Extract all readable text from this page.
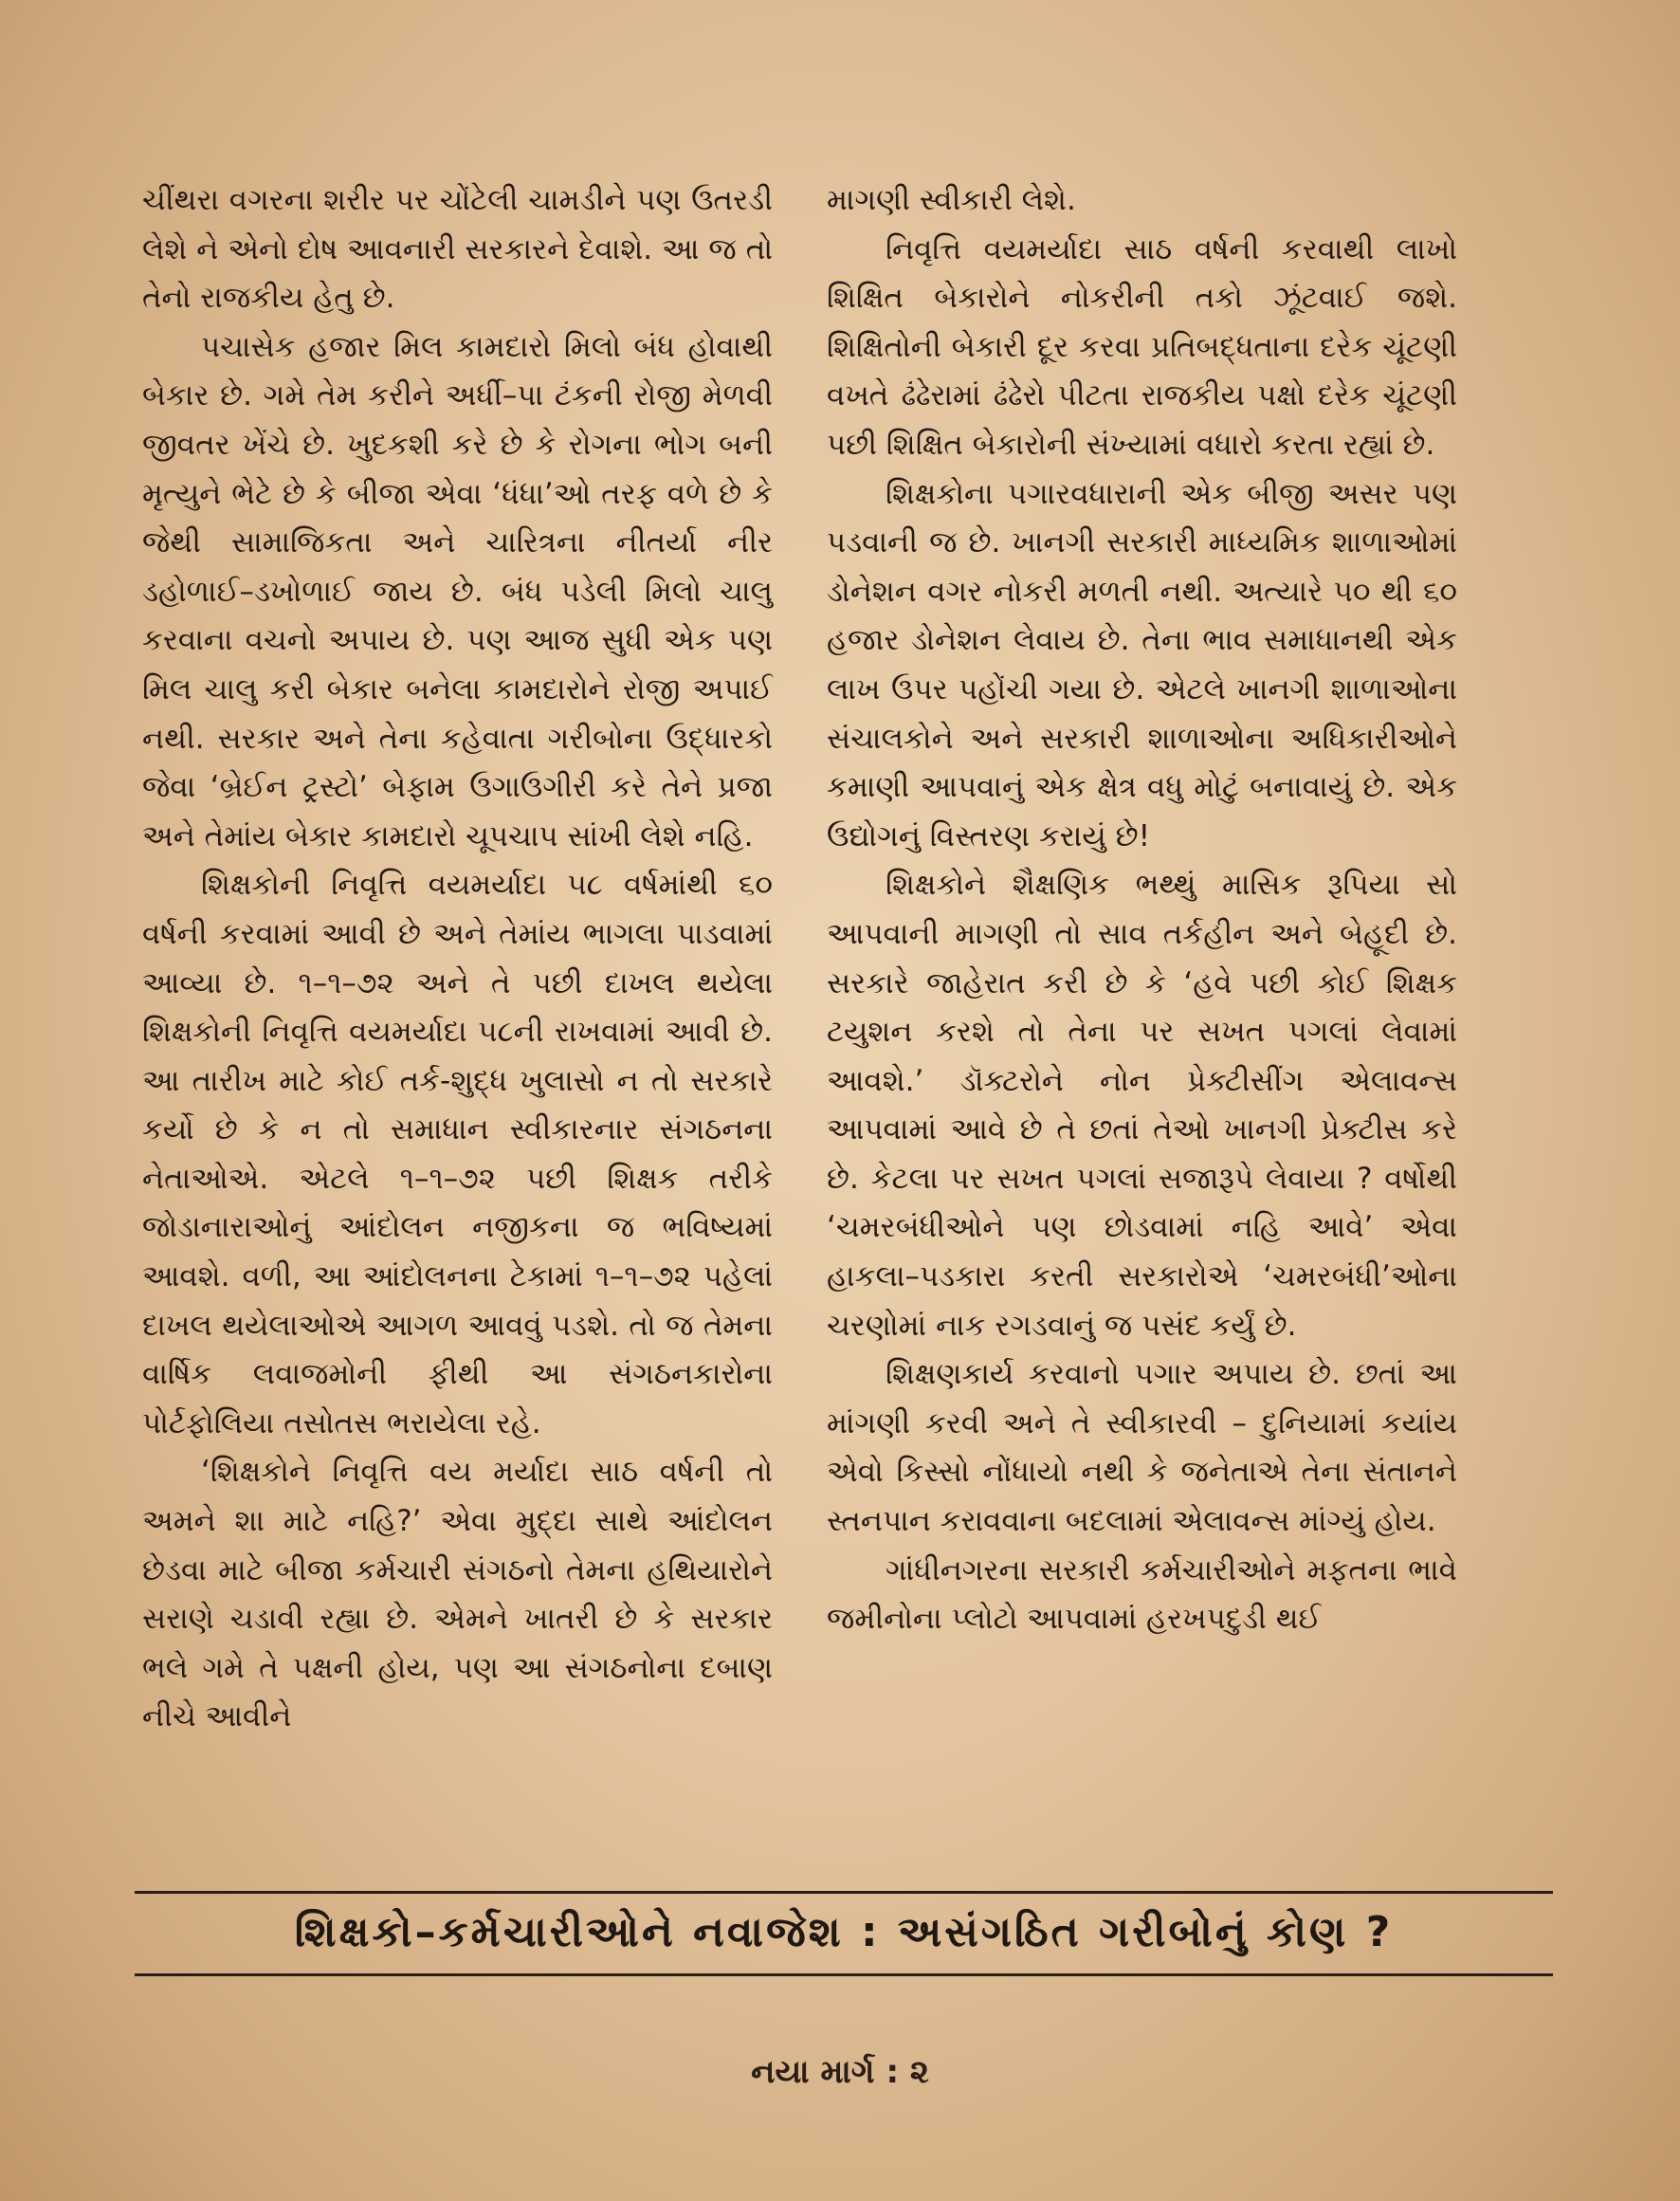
ચીંથરા વગરના શરીર પર ચોંટેલી ચામડીને પણ ઉતરડી લેશે ને એનો દોષ આવનારી સરકારને દેવાશે. આ જ તો તેનો રાજકીય હેતુ છે.

પચાસેક હજાર મિલ કામદારો મિલો બંધ હોવાથી બેકાર છે. ગમે તેમ કરીને અર્ધી–પા ટંકની રોજી મેળવી જીવતર ખેંચે છે. ખુદકશી કરે છે કે રોગના ભોગ બની મૃત્યુને ભેટે છે કે બીજા એવા ‘ધંધા’ઓ તરફ વળે છે કે જેથી સામાજિકતા અને ચારિત્રના નીતર્યા નીર ડહોળાઈ–ડખોળાઈ જાય છે. બંધ પડેલી મિલો ચાલુ કરવાના વચનો અપાય છે. પણ આજ સુધી એક પણ મિલ ચાલુ કરી બેકાર બનેલા કામદારોને રોજી અપાઈ નથી. સરકાર અને તેના કહેવાતા ગરીબોના ઉદ્ધારકો જેવા ‘બ્રેઈન ટ્રસ્ટો’ બેફામ ઉગાઉગીરી કરે તેને પ્રજા અને તેમાંય બેકાર કામદારો ચૂપચાપ સાંખી લેશે નહિ.

શિક્ષકોની નિવૃત્તિ વયમર્યાદા ૫૮ વર્ષમાંથી ૬૦ વર્ષની કરવામાં આવી છે અને તેમાંય ભાગલા પાડવામાં આવ્યા છે. ૧–૧–૭૨ અને તે પછી દાખલ થયેલા શિક્ષકોની નિવૃત્તિ વયમર્યાદા ૫૮ની રાખવામાં આવી છે. આ તારીખ માટે કોઈ તર્ક-શુદ્ધ ખુલાસો ન તો સરકારે કર્યો છે કે ન તો સમાધાન સ્વીકારનાર સંગઠનના નેતાઓએ. એટલે ૧–૧–૭૨ પછી શિક્ષક તરીકે જોડાનારાઓનું આંદોલન નજીકના જ ભવિષ્યમાં આવશે. વળી, આ આંદોલનના ટેકામાં ૧–૧–૭૨ પહેલાં દાખલ થયેલાઓએ આગળ આવવું પડશે. તો જ તેમના વાર્ષિક લવાજમોની ફીથી આ સંગઠનકારોના પોર્ટફોલિયા તસોતસ ભરાયેલા રહે.

‘શિક્ષકોને નિવૃત્તિ વય મર્યાદા સાઠ વર્ષની તો અમને શા માટે નહિ?’ એવા મુદ્દા સાથે આંદોલન છેડવા માટે બીજા કર્મચારી સંગઠનો તેમના હથિયારોને સરાણે ચડાવી રહ્યા છે. એમને ખાતરી છે કે સરકાર ભલે ગમે તે પક્ષની હોય, પણ આ સંગઠનોના દબાણ નીચે આવીને

માગણી સ્વીકારી લેશે.

નિવૃત્તિ વયમર્યાદા સાઠ વર્ષની કરવાથી લાખો શિક્ષિત બેકારોને નોકરીની તકો ઝૂંટવાઈ જશે. શિક્ષિતોની બેકારી દૂર કરવા પ્રતિબદ્ધતાના દરેક ચૂંટણી વખતે ઢંઢેરામાં ઢંઢેરો પીટતા રાજકીય પક્ષો દરેક ચૂંટણી પછી શિક્ષિત બેકારોની સંખ્યામાં વધારો કરતા રહ્યાં છે.

શિક્ષકોના પગારવધારાની એક બીજી અસર પણ પડવાની જ છે. ખાનગી સરકારી માધ્યમિક શાળાઓમાં ડોનેશન વગર નોકરી મળતી નથી. અત્યારે ૫૦ થી ૬૦ હજાર ડોનેશન લેવાય છે. તેના ભાવ સમાધાનથી એક લાખ ઉપર પહોંચી ગયા છે. એટલે ખાનગી શાળાઓના સંચાલકોને અને સરકારી શાળાઓના અધિકારીઓને કમાણી આપવાનું એક ક્ષેત્ર વધુ મોટું બનાવાયું છે. એક ઉદ્યોગનું વિસ્તરણ કરાયું છે!

શિક્ષકોને શૈક્ષણિક ભથ્થું માસિક રૂપિયા સો આપવાની માગણી તો સાવ તર્કહીન અને બેહૂદી છે. સરકારે જાહેરાત કરી છે કે ‘હવે પછી કોઈ શિક્ષક ટયુશન કરશે તો તેના પર સખત પગલાં લેવામાં આવશે.’ ડૉક્ટરોને નોન પ્રેક્ટીસીંગ એલાવન્સ આપવામાં આવે છે તે છતાં તેઓ ખાનગી પ્રેક્ટીસ કરે છે. કેટલા પર સખત પગલાં સજારૂપે લેવાયા ? વર્ષોથી ‘ચમરબંધીઓને પણ છોડવામાં નહિ આવે’ એવા હાકલા–પડકારા કરતી સરકારોએ ‘ચમરબંધી’ઓના ચરણોમાં નાક રગડવાનું જ પસંદ કર્યું છે.

શિક્ષણકાર્ય કરવાનો પગાર અપાય છે. છતાં આ માંગણી કરવી અને તે સ્વીકારવી – દુનિયામાં કયાંય એવો કિસ્સો નોંધાયો નથી કે જનેતાએ તેના સંતાનને સ્તનપાન કરાવવાના બદલામાં એલાવન્સ માંગ્યું હોય.

ગાંધીનગરના સરકારી કર્મચારીઓને મફતના ભાવે જમીનોના પ્લોટો આપવામાં હરખપદુડી થઈ

શિક્ષકો–કર્મચારીઓને નવાજેશ : અસંગઠિત ગરીબોનું કોણ ?
નયા માર્ગ : ૨
